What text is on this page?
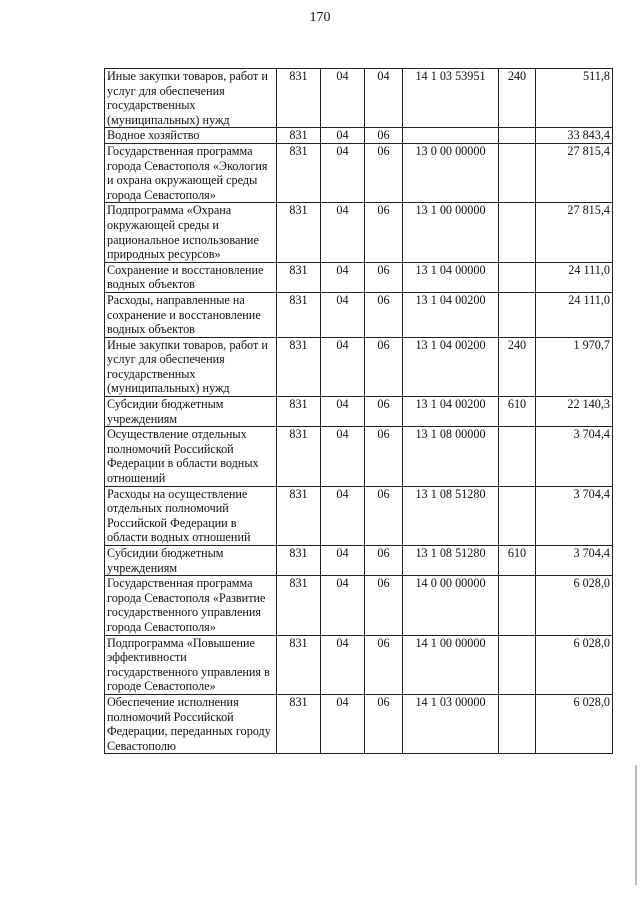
170
Иные закупки товаров, работ и услуг для обеспечения государственных (муниципальных) нужд	831	04	04	14 1 03 53951	240	511,8
Водное хозяйство	831	04	06			33 843,4
Государственная программа города Севастополя «Экология и охрана окружающей среды города Севастополя»	831	04	06	13 0 00 00000		27 815,4
Подпрограмма «Охрана окружающей среды и рациональное использование природных ресурсов»	831	04	06	13 1 00 00000		27 815,4
Сохранение и восстановление водных объектов	831	04	06	13 1 04 00000		24 111,0
Расходы, направленные на сохранение и восстановление водных объектов	831	04	06	13 1 04 00200		24 111,0
Иные закупки товаров, работ и услуг для обеспечения государственных (муниципальных) нужд	831	04	06	13 1 04 00200	240	1 970,7
Субсидии бюджетным учреждениям	831	04	06	13 1 04 00200	610	22 140,3
Осуществление отдельных полномочий Российской Федерации в области водных отношений	831	04	06	13 1 08 00000		3 704,4
Расходы на осуществление отдельных полномочий Российской Федерации в области водных отношений	831	04	06	13 1 08 51280		3 704,4
Субсидии бюджетным учреждениям	831	04	06	13 1 08 51280	610	3 704,4
Государственная программа города Севастополя «Развитие государственного управления города Севастополя»	831	04	06	14 0 00 00000		6 028,0
Подпрограмма «Повышение эффективности государственного управления в городе Севастополе»	831	04	06	14 1 00 00000		6 028,0
Обеспечение исполнения полномочий Российской Федерации, переданных городу Севастополю	831	04	06	14 1 03 00000		6 028,0
